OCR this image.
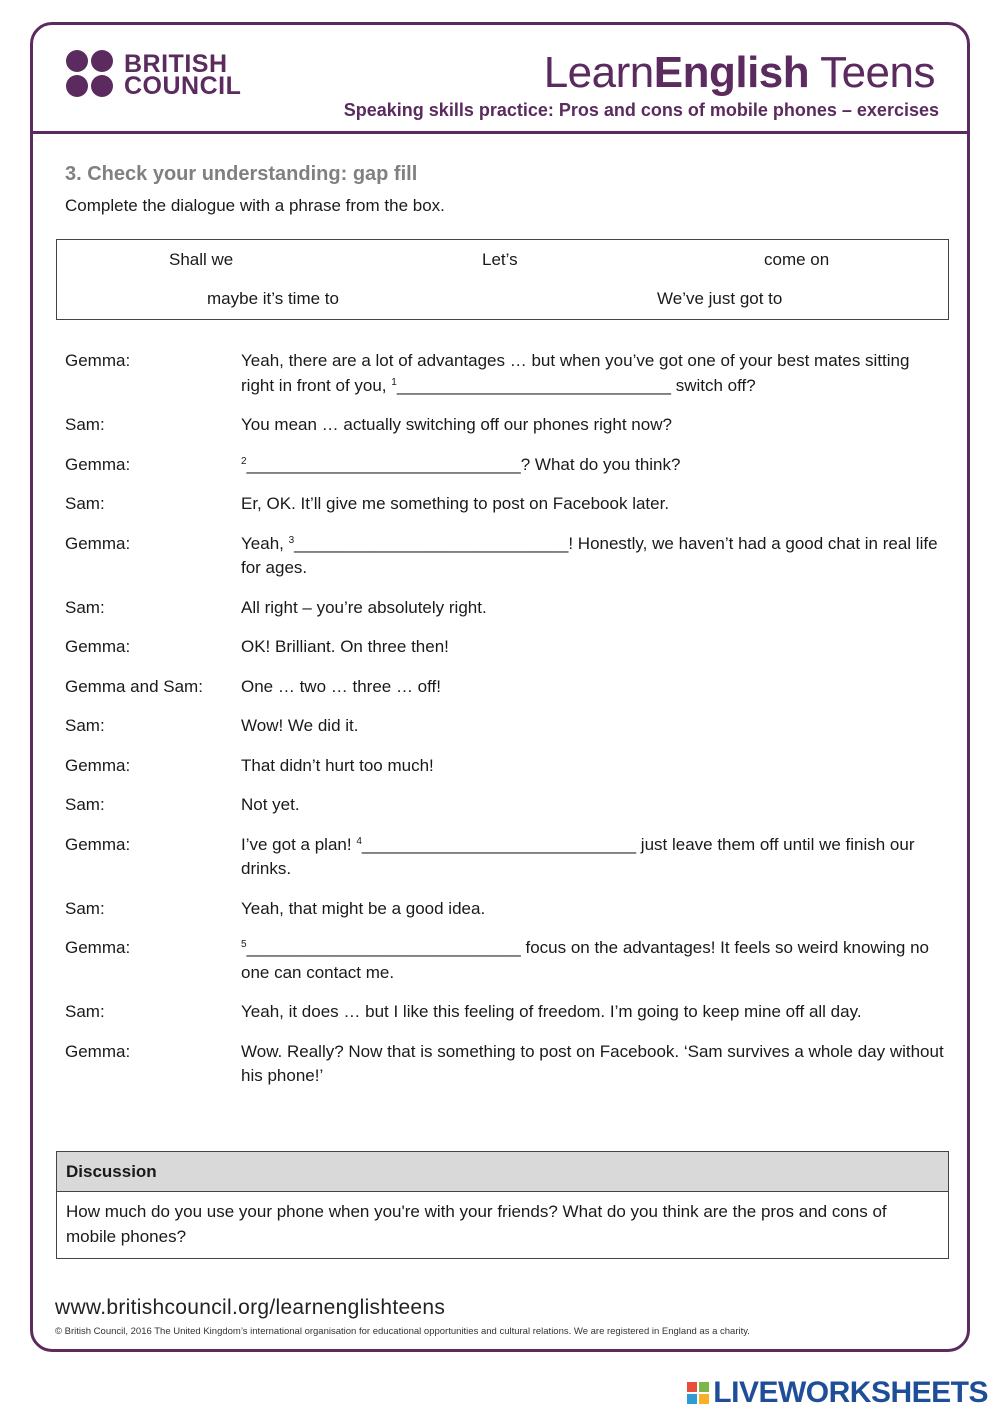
BRITISH
COUNCIL	LearnEnglish Teens
Speaking skills practice: Pros and cons of mobile phones – exercises
3. Check your understanding: gap fill
Complete the dialogue with a phrase from the box.
Shall we	Let’s	come on
maybe it’s time to	We’ve just got to
Gemma:	Yeah, there are a lot of advantages … but when you’ve got one of your best mates sitting right in front of you, $^1$_____________________________ switch off?
Sam:	You mean … actually switching off our phones right now?
Gemma:	$^2$_____________________________? What do you think?
Sam:	Er, OK. It’ll give me something to post on Facebook later.
Gemma:	Yeah, $^3$_____________________________! Honestly, we haven’t had a good chat in real life for ages.
Sam:	All right – you’re absolutely right.
Gemma:	OK! Brilliant. On three then!
Gemma and Sam:	One … two … three … off!
Sam:	Wow! We did it.
Gemma:	That didn’t hurt too much!
Sam:	Not yet.
Gemma:	I’ve got a plan! $^4$_____________________________ just leave them off until we finish our drinks.
Sam:	Yeah, that might be a good idea.
Gemma:	$^5$_____________________________ focus on the advantages! It feels so weird knowing no one can contact me.
Sam:	Yeah, it does … but I like this feeling of freedom. I’m going to keep mine off all day.
Gemma:	Wow. Really? Now that is something to post on Facebook. ‘Sam survives a whole day without his phone!’
Discussion
How much do you use your phone when you're with your friends? What do you think are the pros and cons of mobile phones?
www.britishcouncil.org/learnenglishteens
© British Council, 2016 The United Kingdom’s international organisation for educational opportunities and cultural relations. We are registered in England as a charity.
LIVEWORKSHEETS
